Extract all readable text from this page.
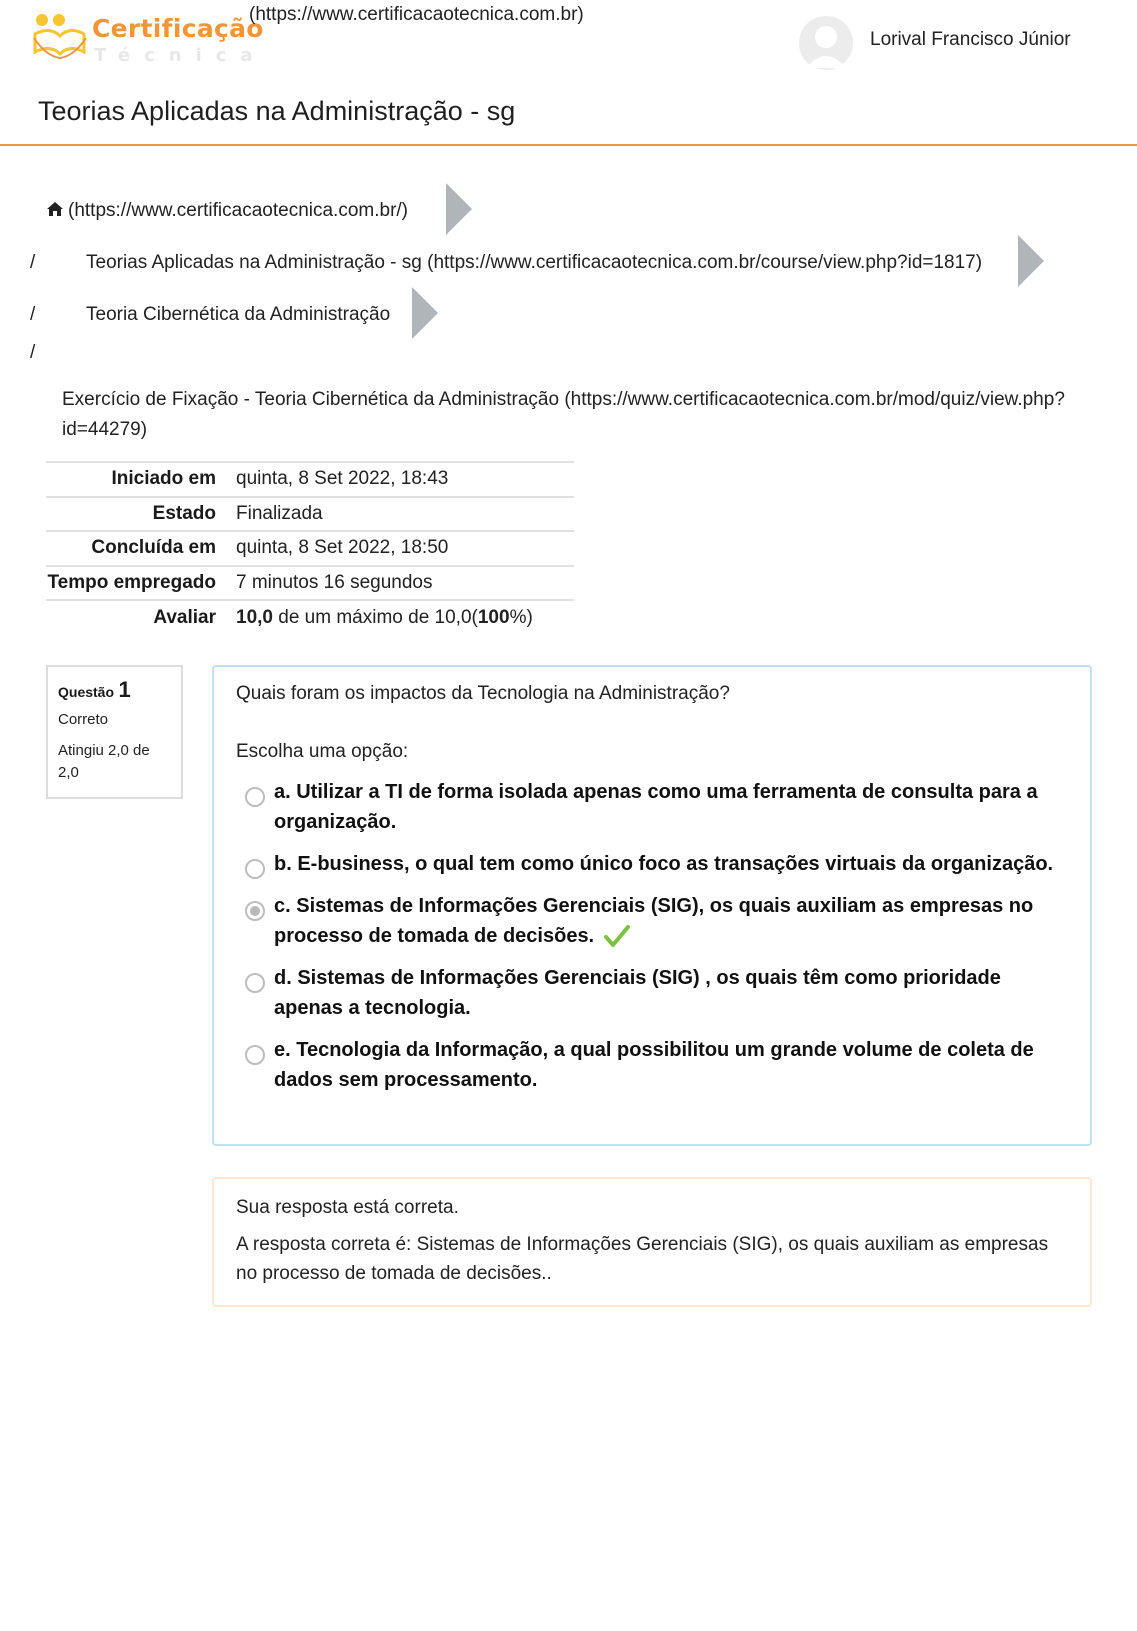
Certificação
Técnica
(https://www.certificacaotecnica.com.br)
Lorival Francisco Júnior
Teorias Aplicadas na Administração - sg
(https://www.certificacaotecnica.com.br/)
/	Teorias Aplicadas na Administração - sg (https://www.certificacaotecnica.com.br/course/view.php?id=1817)
/	Teoria Cibernética da Administração
/
Exercício de Fixação - Teoria Cibernética da Administração (https://www.certificacaotecnica.com.br/mod/quiz/view.php?id=44279)
Iniciado em	quinta, 8 Set 2022, 18:43
Estado	Finalizada
Concluída em	quinta, 8 Set 2022, 18:50
Tempo empregado	7 minutos 16 segundos
Avaliar	10,0 de um máximo de 10,0(100%)
Questão 1
Correto
Atingiu 2,0 de 2,0
Quais foram os impactos da Tecnologia na Administração?
Escolha uma opção:
a. Utilizar a TI de forma isolada apenas como uma ferramenta de consulta para a organização.
b. E-business, o qual tem como único foco as transações virtuais da organização.
c. Sistemas de Informações Gerenciais (SIG), os quais auxiliam as empresas no processo de tomada de decisões.
d. Sistemas de Informações Gerenciais (SIG) , os quais têm como prioridade apenas a tecnologia.
e. Tecnologia da Informação, a qual possibilitou um grande volume de coleta de dados sem processamento.
Sua resposta está correta.
A resposta correta é: Sistemas de Informações Gerenciais (SIG), os quais auxiliam as empresas no processo de tomada de decisões..
